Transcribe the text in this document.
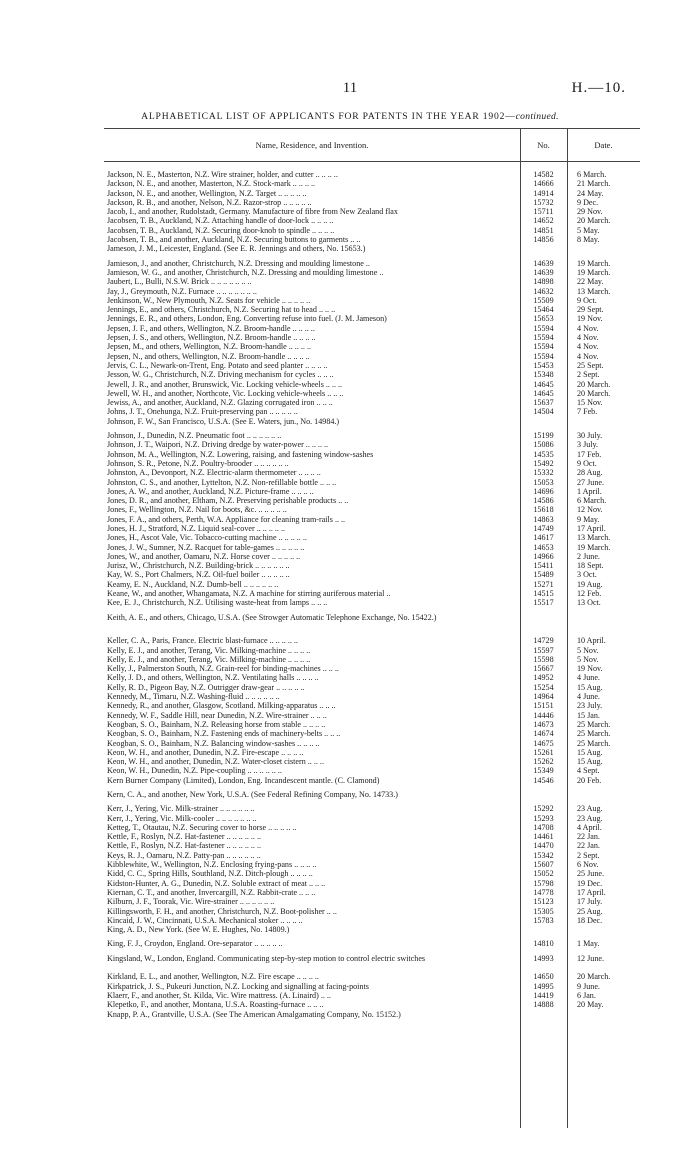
11	H.—10.
ALPHABETICAL LIST OF APPLICANTS FOR PATENTS IN THE YEAR 1902—continued.
Name, Residence, and Invention.	No.	Date.
Jackson, N. E., Masterton, N.Z. Wire strainer, holder, and cutter .. .. .. ..	14582	6 March.
Jackson, N. E., and another, Masterton, N.Z. Stock-mark .. .. .. ..	14666	21 March.
Jackson, N. E., and another, Wellington, N.Z. Target .. .. .. .. ..	14914	24 May.
Jackson, R. B., and another, Nelson, N.Z. Razor-strop .. .. .. .. ..	15732	9 Dec.
Jacob, I., and another, Rudolstadt, Germany. Manufacture of fibre from New Zealand flax	15711	29 Nov.
Jacobsen, T. B., Auckland, N.Z. Attaching handle of door-lock .. .. .. ..	14652	20 March.
Jacobsen, T. B., Auckland, N.Z. Securing door-knob to spindle .. .. .. ..	14851	5 May.
Jacobsen, T. B., and another, Auckland, N.Z. Securing buttons to garments .. ..	14856	8 May.
Jameson, J. M., Leicester, England. (See E. R. Jennings and others, No. 15653.)
Jamieson, J., and another, Christchurch, N.Z. Dressing and moulding limestone ..	14639	19 March.
Jamieson, W. G., and another, Christchurch, N.Z. Dressing and moulding limestone ..	14639	19 March.
Jaubert, L., Bulli, N.S.W. Brick .. .. .. .. .. .. ..	14898	22 May.
Jay, J., Greymouth, N.Z. Furnace .. .. .. .. .. .. ..	14632	13 March.
Jenkinson, W., New Plymouth, N.Z. Seats for vehicle .. .. .. .. ..	15509	9 Oct.
Jennings, E., and others, Christchurch, N.Z. Securing hat to head .. .. ..	15464	29 Sept.
Jennings, E. R., and others, London, Eng. Converting refuse into fuel. (J. M. Jameson)	15653	19 Nov.
Jepsen, J. F., and others, Wellington, N.Z. Broom-handle .. .. .. ..	15594	4 Nov.
Jepsen, J. S., and others, Wellington, N.Z. Broom-handle .. .. .. ..	15594	4 Nov.
Jepsen, M., and others, Wellington, N.Z. Broom-handle .. .. .. ..	15594	4 Nov.
Jepsen, N., and others, Wellington, N.Z. Broom-handle .. .. .. ..	15594	4 Nov.
Jervis, C. L., Newark-on-Trent, Eng. Potato and seed planter .. .. .. ..	15453	25 Sept.
Jesson, W. G., Christchurch, N.Z. Driving mechanism for cycles .. .. ..	15348	2 Sept.
Jewell, J. R., and another, Brunswick, Vic. Locking vehicle-wheels .. .. ..	14645	20 March.
Jewell, W. H., and another, Northcote, Vic. Locking vehicle-wheels .. .. ..	14645	20 March.
Jewiss, A., and another, Auckland, N.Z. Glazing corrugated iron .. .. ..	15637	15 Nov.
Johns, J. T., Onehunga, N.Z. Fruit-preserving pan .. .. .. .. ..	14504	7 Feb.
Johnson, F. W., San Francisco, U.S.A. (See E. Waters, jun., No. 14984.)
Johnson, J., Dunedin, N.Z. Pneumatic foot .. .. .. .. .. ..	15199	30 July.
Johnson, J. T., Waipori, N.Z. Driving dredge by water-power .. .. .. ..	15086	3 July.
Johnson, M. A., Wellington, N.Z. Lowering, raising, and fastening window-sashes	14535	17 Feb.
Johnson, S. R., Petone, N.Z. Poultry-brooder .. .. .. .. .. ..	15492	9 Oct.
Johnston, A., Devonport, N.Z. Electric-alarm thermometer .. .. .. ..	15332	28 Aug.
Johnston, C. S., and another, Lyttelton, N.Z. Non-refillable bottle .. .. ..	15053	27 June.
Jones, A. W., and another, Auckland, N.Z. Picture-frame .. .. .. ..	14696	1 April.
Jones, D. R., and another, Eltham, N.Z. Preserving perishable products .. ..	14586	6 March.
Jones, F., Wellington, N.Z. Nail for boots, &c. .. .. .. .. ..	15618	12 Nov.
Jones, F. A., and others, Perth, W.A. Appliance for cleaning tram-rails .. ..	14863	9 May.
Jones, H. J., Stratford, N.Z. Liquid seal-cover .. .. .. .. ..	14749	17 April.
Jones, H., Ascot Vale, Vic. Tobacco-cutting machine .. .. .. .. ..	14617	13 March.
Jones, J. W., Sumner, N.Z. Racquet for table-games .. .. .. .. ..	14653	19 March.
Jones, W., and another, Oamaru, N.Z. Horse cover .. .. .. .. ..	14966	2 June.
Jurisz, W., Christchurch, N.Z. Building-brick .. .. .. .. .. ..	15411	18 Sept.
Kay, W. S., Port Chalmers, N.Z. Oil-fuel boiler .. .. .. .. ..	15489	3 Oct.
Keamy, E. N., Auckland, N.Z. Dumb-bell .. .. .. .. .. ..	15271	19 Aug.
Keane, W., and another, Whangamata, N.Z. A machine for stirring auriferous material ..	14515	12 Feb.
Kee, E. J., Christchurch, N.Z. Utilising waste-heat from lamps .. .. ..	15517	13 Oct.
Keith, A. E., and others, Chicago, U.S.A. (See Strowger Automatic Telephone Exchange, No. 15422.)
Keller, C. A., Paris, France. Electric blast-furnace .. .. .. .. ..	14729	10 April.
Kelly, E. J., and another, Terang, Vic. Milking-machine .. .. .. ..	15597	5 Nov.
Kelly, E. J., and another, Terang, Vic. Milking-machine .. .. .. ..	15598	5 Nov.
Kelly, J., Palmerston South, N.Z. Grain-reel for binding-machines .. .. ..	15667	19 Nov.
Kelly, J. D., and others, Wellington, N.Z. Ventilating halls .. .. .. ..	14952	4 June.
Kelly, R. D., Pigeon Bay, N.Z. Outrigger draw-gear .. .. .. .. ..	15254	15 Aug.
Kennedy, M., Timaru, N.Z. Washing-fluid .. .. .. .. .. ..	14964	4 June.
Kennedy, R., and another, Glasgow, Scotland. Milking-apparatus .. .. ..	15151	23 July.
Kennedy, W. F., Saddle Hill, near Dunedin, N.Z. Wire-strainer .. .. ..	14446	15 Jan.
Keogban, S. O., Bainham, N.Z. Releasing horse from stable .. .. .. ..	14673	25 March.
Keogban, S. O., Bainham, N.Z. Fastening ends of machinery-belts .. .. ..	14674	25 March.
Keogban, S. O., Bainham, N.Z. Balancing window-sashes .. .. .. ..	14675	25 March.
Keon, W. H., and another, Dunedin, N.Z. Fire-escape .. .. .. ..	15261	15 Aug.
Keon, W. H., and another, Dunedin, N.Z. Water-closet cistern .. .. ..	15262	15 Aug.
Keon, W. H., Dunedin, N.Z. Pipe-coupling .. .. .. .. .. ..	15349	4 Sept.
Kern Burner Company (Limited), London, Eng. Incandescent mantle. (C. Clamond)	14546	20 Feb.
Kern, C. A., and another, New York, U.S.A. (See Federal Refining Company, No. 14733.)
Kerr, J., Yering, Vic. Milk-strainer .. .. .. .. .. ..	15292	23 Aug.
Kerr, J., Yering, Vic. Milk-cooler .. .. .. .. .. .. ..	15293	23 Aug.
Ketteg, T., Otautau, N.Z. Securing cover to horse .. .. .. .. ..	14708	4 April.
Kettle, F., Roslyn, N.Z. Hat-fastener .. .. .. .. .. ..	14461	22 Jan.
Kettle, F., Roslyn, N.Z. Hat-fastener .. .. .. .. .. ..	14470	22 Jan.
Keys, R. J., Oamaru, N.Z. Patty-pan .. .. .. .. .. ..	15342	2 Sept.
Kibblewhite, W., Wellington, N.Z. Enclosing frying-pans .. .. .. ..	15607	6 Nov.
Kidd, C. C., Spring Hills, Southland, N.Z. Ditch-plough .. .. .. ..	15052	25 June.
Kidston-Hunter, A. G., Dunedin, N.Z. Soluble extract of meat .. .. ..	15798	19 Dec.
Kiernan, C. T., and another, Invercargill, N.Z. Rabbit-crate .. .. ..	14778	17 April.
Kilburn, J. F., Toorak, Vic. Wire-strainer .. .. .. .. .. ..	15123	17 July.
Killingsworth, F. H., and another, Christchurch, N.Z. Boot-polisher .. ..	15305	25 Aug.
Kincaid, J. W., Cincinnati, U.S.A. Mechanical stoker .. .. .. ..	15783	18 Dec.
King, A. D., New York. (See W. E. Hughes, No. 14809.)
King, F. J., Croydon, England. Ore-separator .. .. .. .. ..	14810	1 May.
Kingsland, W., London, England. Communicating step-by-step motion to control electric switches	14993	12 June.
Kirkland, E. L., and another, Wellington, N.Z. Fire escape .. .. .. ..	14650	20 March.
Kirkpatrick, J. S., Pukeuri Junction, N.Z. Locking and signalling at facing-points	14995	9 June.
Klaerr, F., and another, St. Kilda, Vic. Wire mattress. (A. Linaird) .. ..	14419	6 Jan.
Klepetko, F., and another, Montana, U.S.A. Roasting-furnace .. .. ..	14888	20 May.
Knapp, P. A., Grantville, U.S.A. (See The American Amalgamating Company, No. 15152.)
